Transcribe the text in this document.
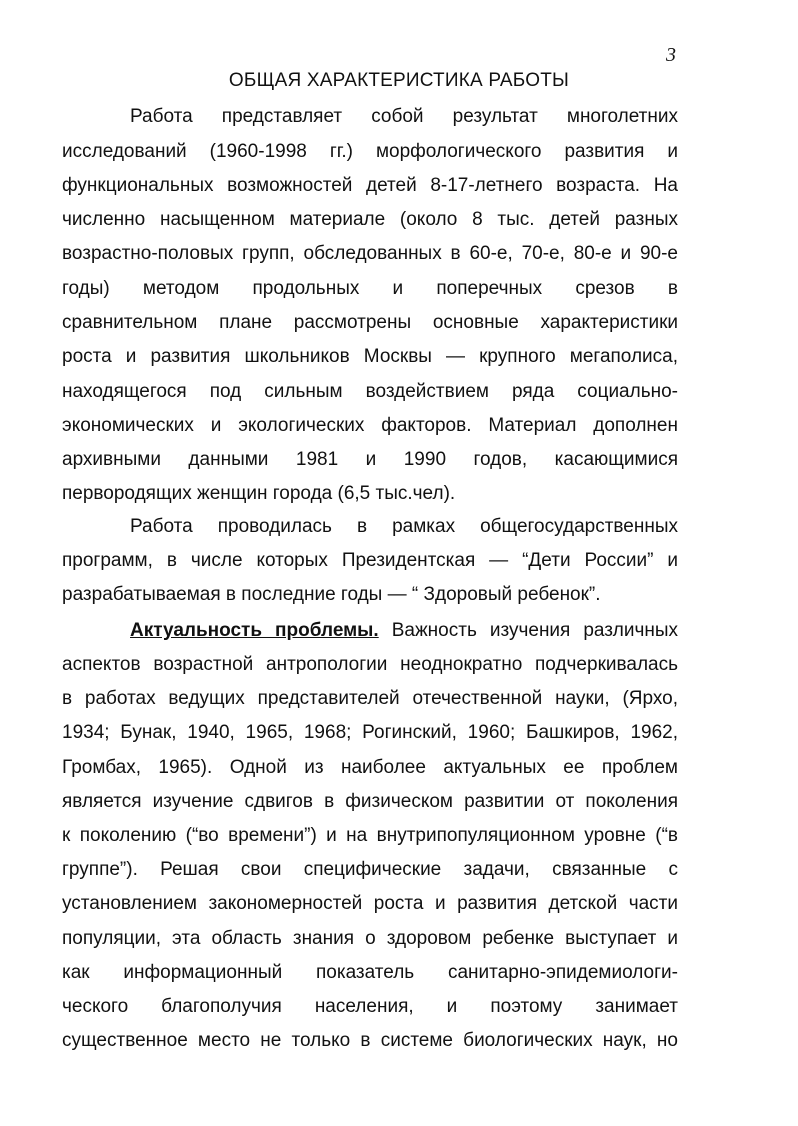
3
ОБЩАЯ ХАРАКТЕРИСТИКА РАБОТЫ
Работа представляет собой результат многолетних
исследований (1960-1998 гг.) морфологического развития и
функциональных возможностей детей 8-17-летнего возраста. На
численно насыщенном материале (около 8 тыс. детей разных
возрастно-половых групп, обследованных в 60-е, 70-е, 80-е и 90-е
годы) методом продольных и поперечных срезов в
сравнительном плане рассмотрены основные характеристики
роста и развития школьников Москвы — крупного мегаполиса,
находящегося под сильным воздействием ряда социально-
экономических и экологических факторов. Материал дополнен
архивными данными 1981 и 1990 годов, касающимися
первородящих женщин города (6,5 тыс.чел).
Работа проводилась в рамках общегосударственных
программ, в числе которых Президентская — “Дети России” и
разрабатываемая в последние годы — “ Здоровый ребенок”.
Актуальность проблемы. Важность изучения различных
аспектов возрастной антропологии неоднократно подчеркивалась
в работах ведущих представителей отечественной науки, (Ярхо,
1934; Бунак, 1940, 1965, 1968; Рогинский, 1960; Башкиров, 1962,
Громбах, 1965). Одной из наиболее актуальных ее проблем
является изучение сдвигов в физическом развитии от поколения
к поколению (“во времени”) и на внутрипопуляционном уровне (“в
группе”). Решая свои специфические задачи, связанные с
установлением закономерностей роста и развития детской части
популяции, эта область знания о здоровом ребенке выступает и
как информационный показатель санитарно-эпидемиологи-
ческого благополучия населения, и поэтому занимает
существенное место не только в системе биологических наук, но
